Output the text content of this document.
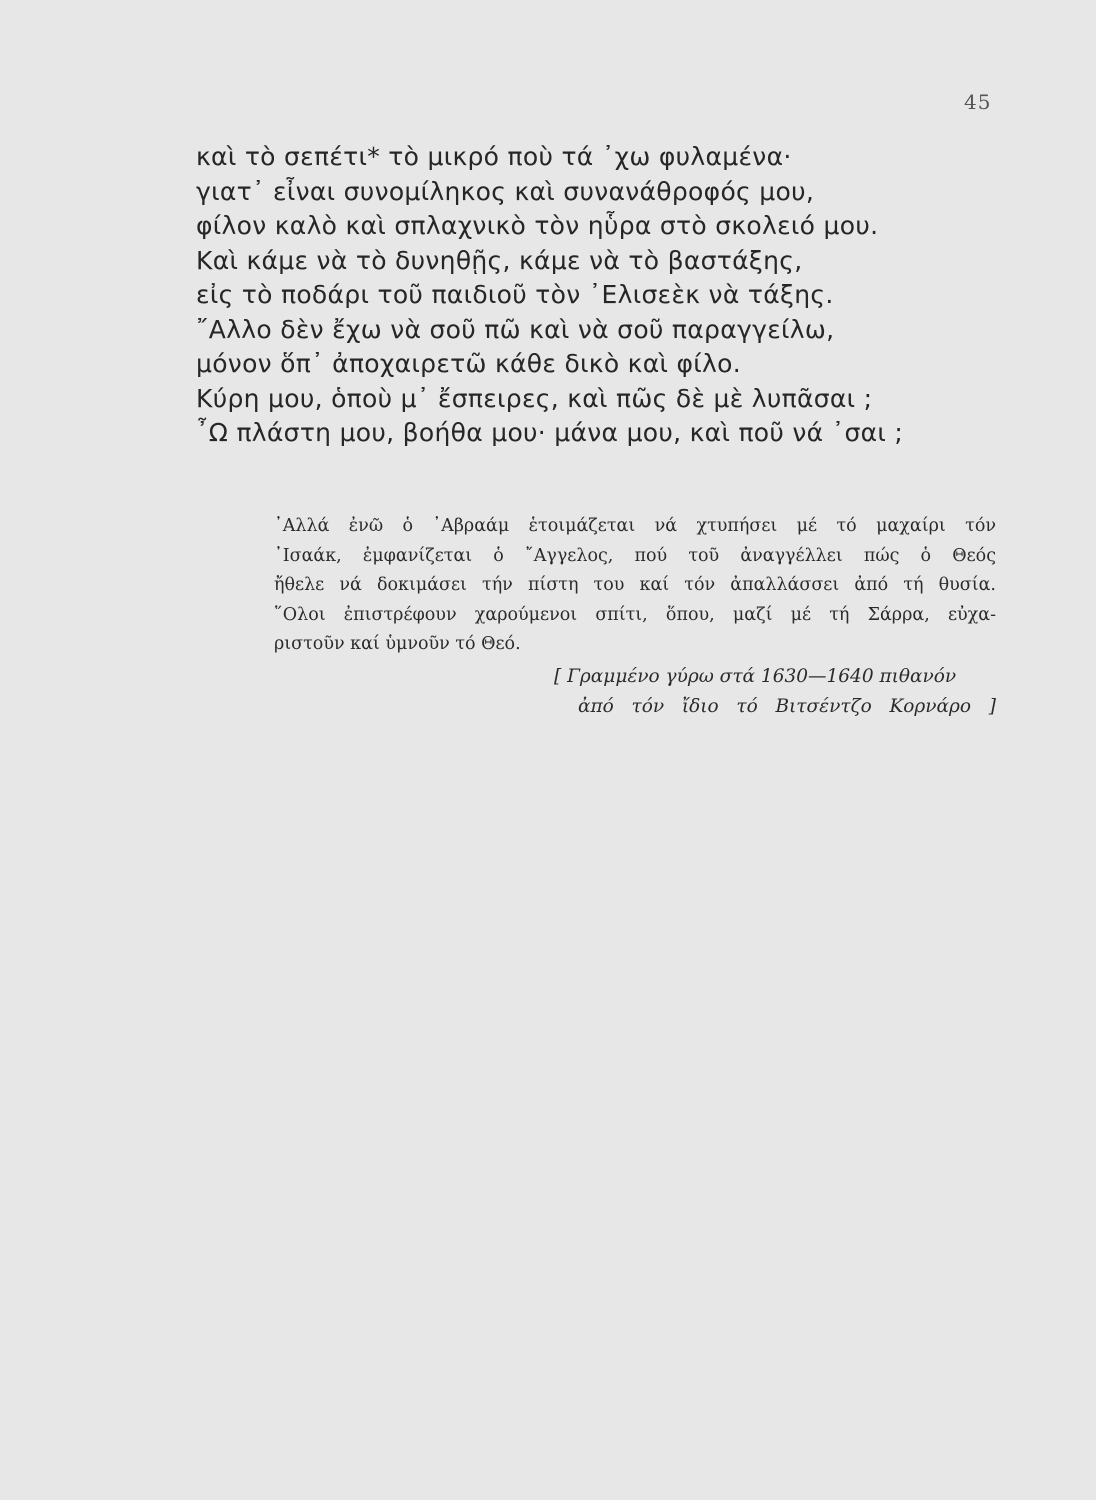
45
καὶ τὸ σεπέτι* τὸ μικρό ποὺ τά ᾽χω φυλαμένα·
γιατ᾽ εἶναι συνομίληκος καὶ συνανάθροφός μου,
φίλον καλὸ καὶ σπλαχνικὸ τὸν ηὗρα στὸ σκολειό μου.
Καὶ κάμε νὰ τὸ δυνηθῇς, κάμε νὰ τὸ βαστάξης,
εἰς τὸ ποδάρι τοῦ παιδιοῦ τὸν ᾽Ελισεὲκ νὰ τάξης.
῎Αλλο δὲν ἔχω νὰ σοῦ πῶ καὶ νὰ σοῦ παραγγείλω,
μόνον ὅπ᾽ ἀποχαιρετῶ κάθε δικὸ καὶ φίλο.
Κύρη μου, ὁποὺ μ᾽ ἔσπειρες, καὶ πῶς δὲ μὲ λυπᾶσαι ;
῏Ω πλάστη μου, βοήθα μου· μάνα μου, καὶ ποῦ νά ᾽σαι ;
᾽Αλλά ἐνῶ ὁ ᾽Αβραάμ ἑτοιμάζεται νά χτυπήσει μέ τό μαχαίρι τόν
᾽Ισαάκ, ἐμφανίζεται ὁ ῎Αγγελος, πού τοῦ ἀναγγέλλει πώς ὁ Θεός
ἤθελε νά δοκιμάσει τήν πίστη του καί τόν ἀπαλλάσσει ἀπό τή θυσία.
῞Ολοι ἐπιστρέφουν χαρούμενοι σπίτι, ὅπου, μαζί μέ τή Σάρρα, εὐχα-
ριστοῦν καί ὑμνοῦν τό Θεό.
[ Γραμμένο γύρω στά 1630—1640 πιθανόν
ἀπό τόν ἴδιο τό Βιτσέντζο Κορνάρο ]
